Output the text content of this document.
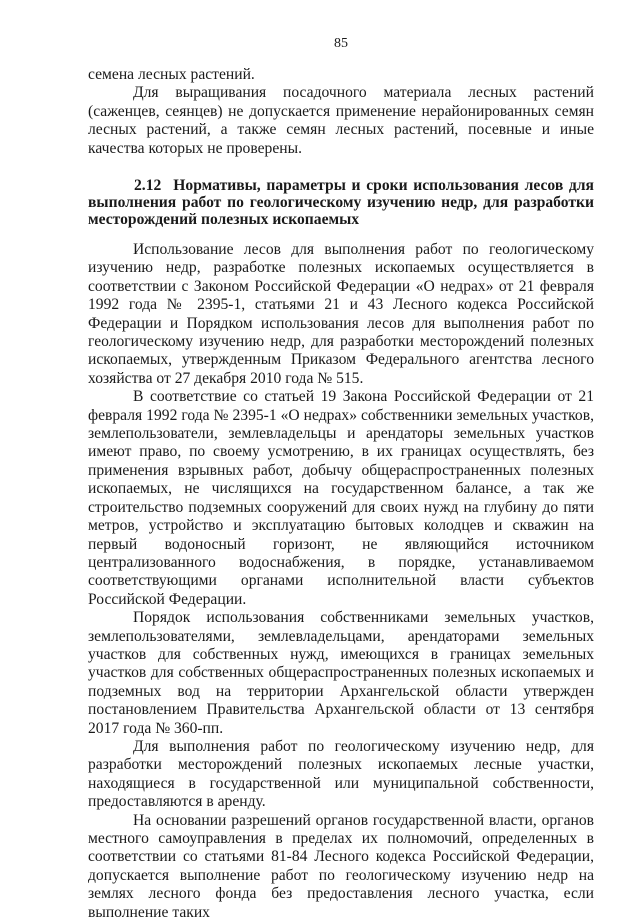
85

семена лесных растений.

Для выращивания посадочного материала лесных растений (саженцев, сеянцев) не допускается применение нерайонированных семян лесных растений, а также семян лесных растений, посевные и иные качества которых не проверены.

2.12 Нормативы, параметры и сроки использования лесов для выполнения работ по геологическому изучению недр, для разработки месторождений полезных ископаемых

Использование лесов для выполнения работ по геологическому изучению недр, разработке полезных ископаемых осуществляется в соответствии с Законом Российской Федерации «О недрах» от 21 февраля 1992 года № 2395-1, статьями 21 и 43 Лесного кодекса Российской Федерации и Порядком использования лесов для выполнения работ по геологическому изучению недр, для разработки месторождений полезных ископаемых, утвержденным Приказом Федерального агентства лесного хозяйства от 27 декабря 2010 года № 515.

В соответствие со статьей 19 Закона Российской Федерации от 21 февраля 1992 года № 2395-1 «О недрах» собственники земельных участков, землепользователи, землевладельцы и арендаторы земельных участков имеют право, по своему усмотрению, в их границах осуществлять, без применения взрывных работ, добычу общераспространенных полезных ископаемых, не числящихся на государственном балансе, а так же строительство подземных сооружений для своих нужд на глубину до пяти метров, устройство и эксплуатацию бытовых колодцев и скважин на первый водоносный горизонт, не являющийся источником централизованного водоснабжения, в порядке, устанавливаемом соответствующими органами исполнительной власти субъектов Российской Федерации.

Порядок использования собственниками земельных участков, землепользователями, землевладельцами, арендаторами земельных участков для собственных нужд, имеющихся в границах земельных участков для собственных общераспространенных полезных ископаемых и подземных вод на территории Архангельской области утвержден постановлением Правительства Архангельской области от 13 сентября 2017 года № 360-пп.

Для выполнения работ по геологическому изучению недр, для разработки месторождений полезных ископаемых лесные участки, находящиеся в государственной или муниципальной собственности, предоставляются в аренду.

На основании разрешений органов государственной власти, органов местного самоуправления в пределах их полномочий, определенных в соответствии со статьями 81-84 Лесного кодекса Российской Федерации, допускается выполнение работ по геологическому изучению недр на землях лесного фонда без предоставления лесного участка, если выполнение таких
